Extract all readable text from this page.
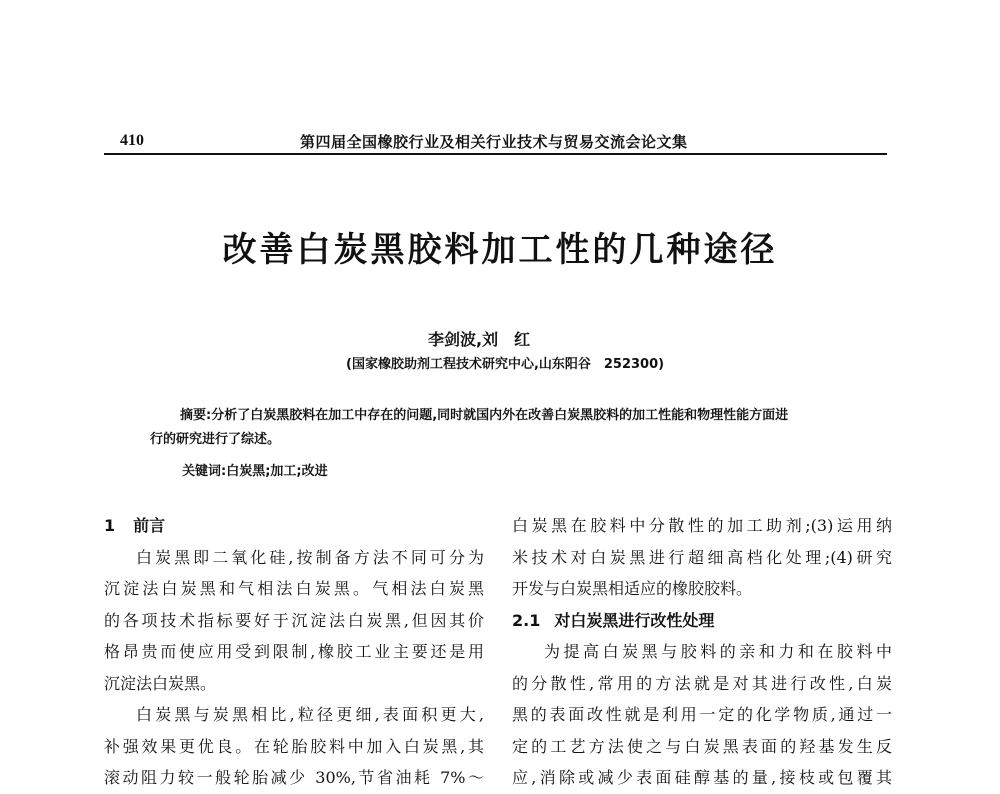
410	第四届全国橡胶行业及相关行业技术与贸易交流会论文集
改善白炭黑胶料加工性的几种途径
李剑波,刘　红
(国家橡胶助剂工程技术研究中心,山东阳谷　252300)
摘要:分析了白炭黑胶料在加工中存在的问题,同时就国内外在改善白炭黑胶料的加工性能和物理性能方面进
行的研究进行了综述。
关键词:白炭黑;加工;改进
1 前言
白炭黑即二氧化硅,按制备方法不同可分为
沉淀法白炭黑和气相法白炭黑。气相法白炭黑
的各项技术指标要好于沉淀法白炭黑,但因其价
格昂贵而使应用受到限制,橡胶工业主要还是用
沉淀法白炭黑。
白炭黑与炭黑相比,粒径更细,表面积更大,
补强效果更优良。在轮胎胶料中加入白炭黑,其
滚动阻力较一般轮胎减少 30%,节省油耗 7%～
白炭黑在胶料中分散性的加工助剂;(3)运用纳
米技术对白炭黑进行超细高档化处理;(4)研究
开发与白炭黑相适应的橡胶胶料。
2.1 对白炭黑进行改性处理
为提高白炭黑与胶料的亲和力和在胶料中
的分散性,常用的方法就是对其进行改性,白炭
黑的表面改性就是利用一定的化学物质,通过一
定的工艺方法使之与白炭黑表面的羟基发生反
应,消除或减少表面硅醇基的量,接枝或包覆其
